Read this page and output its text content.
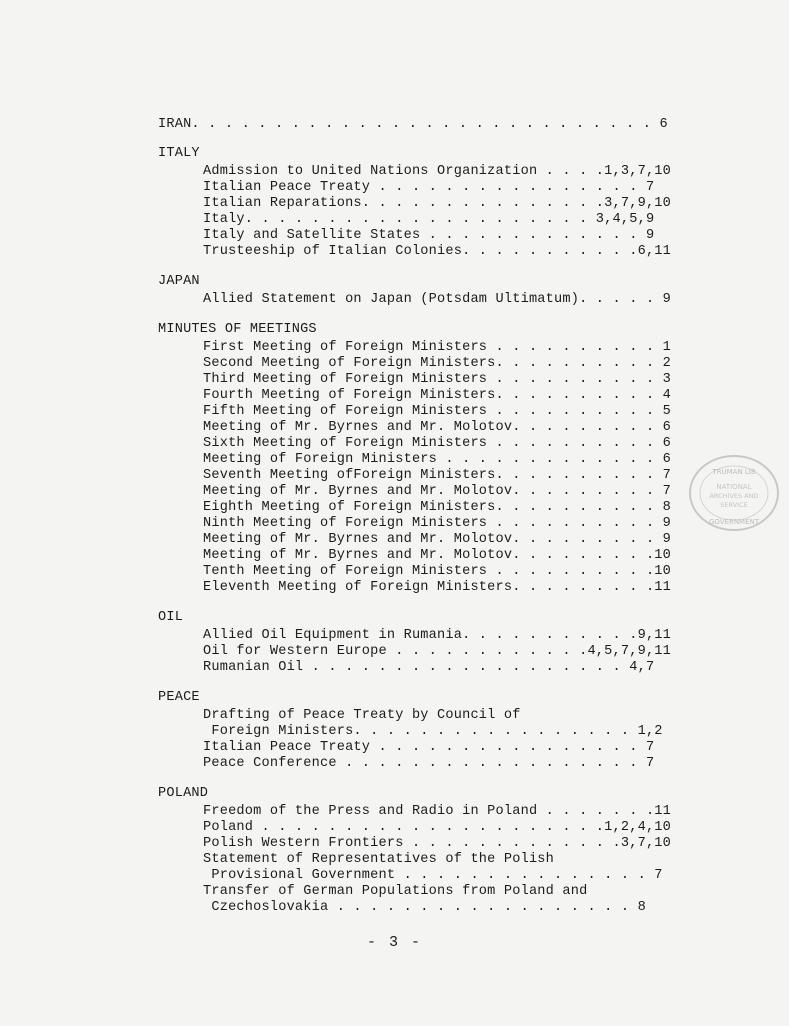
IRAN. . . . . . . . . . . . . . . . . . . . . . . . . . . . 6
ITALY
Admission to United Nations Organization . . . .1,3,7,10
Italian Peace Treaty . . . . . . . . . . . . . . . . 7
Italian Reparations. . . . . . . . . . . . . . .3,7,9,10
Italy. . . . . . . . . . . . . . . . . . . . . 3,4,5,9
Italy and Satellite States . . . . . . . . . . . . . 9
Trusteeship of Italian Colonies. . . . . . . . . . .6,11
JAPAN
Allied Statement on Japan (Potsdam Ultimatum). . . . . 9
MINUTES OF MEETINGS
First Meeting of Foreign Ministers . . . . . . . . . . 1
Second Meeting of Foreign Ministers. . . . . . . . . . 2
Third Meeting of Foreign Ministers . . . . . . . . . . 3
Fourth Meeting of Foreign Ministers. . . . . . . . . . 4
Fifth Meeting of Foreign Ministers . . . . . . . . . . 5
Meeting of Mr. Byrnes and Mr. Molotov. . . . . . . . . 6
Sixth Meeting of Foreign Ministers . . . . . . . . . . 6
Meeting of Foreign Ministers . . . . . . . . . . . . . 6
Seventh Meeting ofForeign Ministers. . . . . . . . . . 7
Meeting of Mr. Byrnes and Mr. Molotov. . . . . . . . . 7
Eighth Meeting of Foreign Ministers. . . . . . . . . . 8
Ninth Meeting of Foreign Ministers . . . . . . . . . . 9
Meeting of Mr. Byrnes and Mr. Molotov. . . . . . . . . 9
Meeting of Mr. Byrnes and Mr. Molotov. . . . . . . . .10
Tenth Meeting of Foreign Ministers . . . . . . . . . .10
Eleventh Meeting of Foreign Ministers. . . . . . . . .11
OIL
Allied Oil Equipment in Rumania. . . . . . . . . . .9,11
Oil for Western Europe . . . . . . . . . . . .4,5,7,9,11
Rumanian Oil . . . . . . . . . . . . . . . . . . . 4,7
PEACE
Drafting of Peace Treaty by Council of
Foreign Ministers. . . . . . . . . . . . . . . . . 1,2
Italian Peace Treaty . . . . . . . . . . . . . . . . 7
Peace Conference . . . . . . . . . . . . . . . . . . 7
POLAND
Freedom of the Press and Radio in Poland . . . . . . .11
Poland . . . . . . . . . . . . . . . . . . . . .1,2,4,10
Polish Western Frontiers . . . . . . . . . . . . .3,7,10
Statement of Representatives of the Polish
Provisional Government . . . . . . . . . . . . . . . 7
Transfer of German Populations from Poland and
Czechoslovakia . . . . . . . . . . . . . . . . . . 8
- 3 -
TRUMAN LIB
NATIONAL
ARCHIVES AND
SERVICE
GOVERNMENT
